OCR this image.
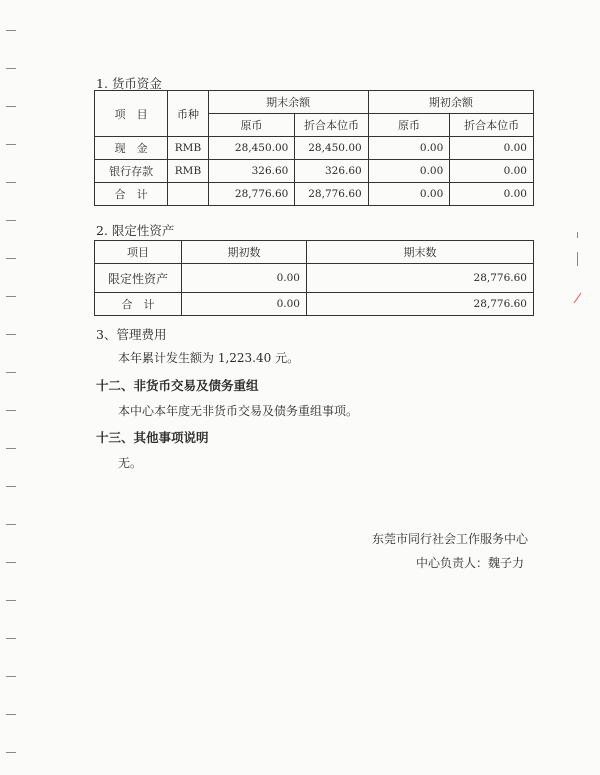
1. 货币资金
项　目	币种	期末余额		期初余额	
		原币	折合本位币	原币	折合本位币
现　金	RMB	28,450.00	28,450.00	0.00	0.00
银行存款	RMB	326.60	326.60	0.00	0.00
合　计		28,776.60	28,776.60	0.00	0.00
2. 限定性资产
项目	期初数	期末数
限定性资产	0.00	28,776.60
合　计	0.00	28,776.60
3、管理费用
本年累计发生额为 1,223.40 元。
十二、非货币交易及债务重组
本中心本年度无非货币交易及债务重组事项。
十三、其他事项说明
无。
东莞市同行社会工作服务中心
中心负责人：魏子力
